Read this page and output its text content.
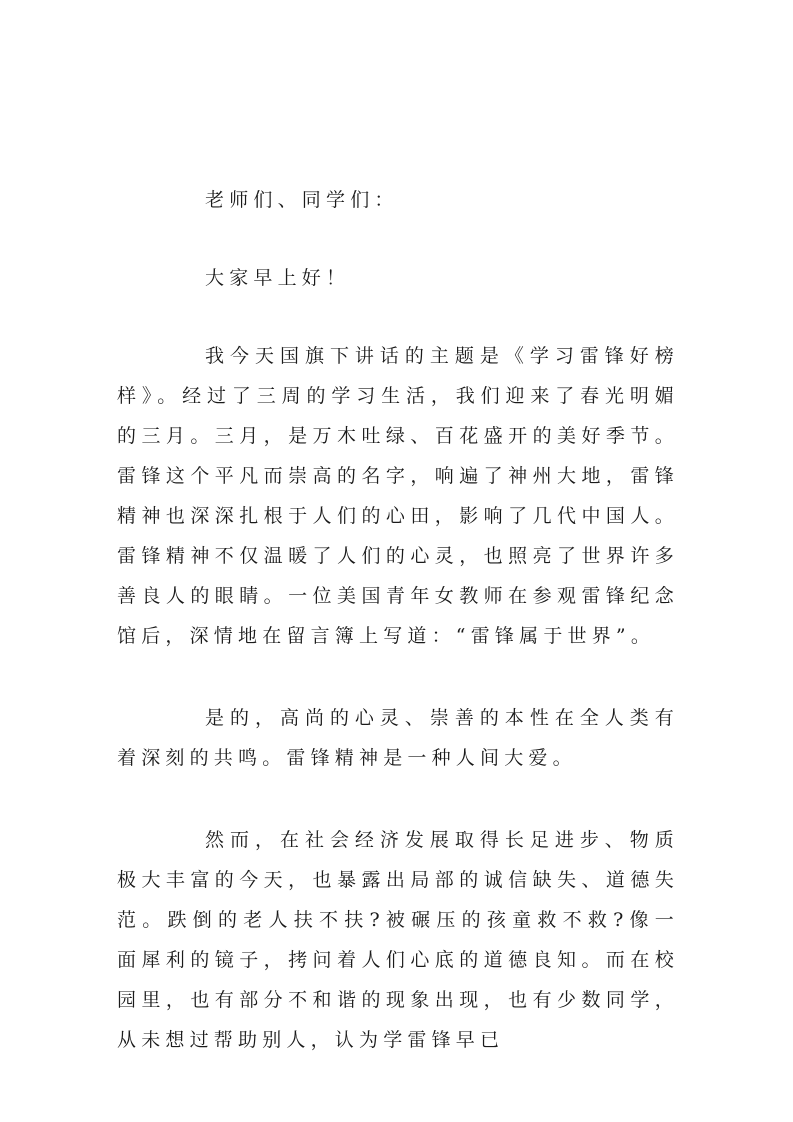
老师们、同学们：

大家早上好！

我今天国旗下讲话的主题是《学习雷锋好榜样》。经过了三周的学习生活，我们迎来了春光明媚的三月。三月，是万木吐绿、百花盛开的美好季节。雷锋这个平凡而崇高的名字，响遍了神州大地，雷锋精神也深深扎根于人们的心田，影响了几代中国人。雷锋精神不仅温暖了人们的心灵，也照亮了世界许多善良人的眼睛。一位美国青年女教师在参观雷锋纪念馆后，深情地在留言簿上写道：“雷锋属于世界”。

是的，高尚的心灵、崇善的本性在全人类有着深刻的共鸣。雷锋精神是一种人间大爱。

然而，在社会经济发展取得长足进步、物质极大丰富的今天，也暴露出局部的诚信缺失、道德失范。跌倒的老人扶不扶?被碾压的孩童救不救?像一面犀利的镜子，拷问着人们心底的道德良知。而在校园里，也有部分不和谐的现象出现，也有少数同学，从未想过帮助别人，认为学雷锋早已
